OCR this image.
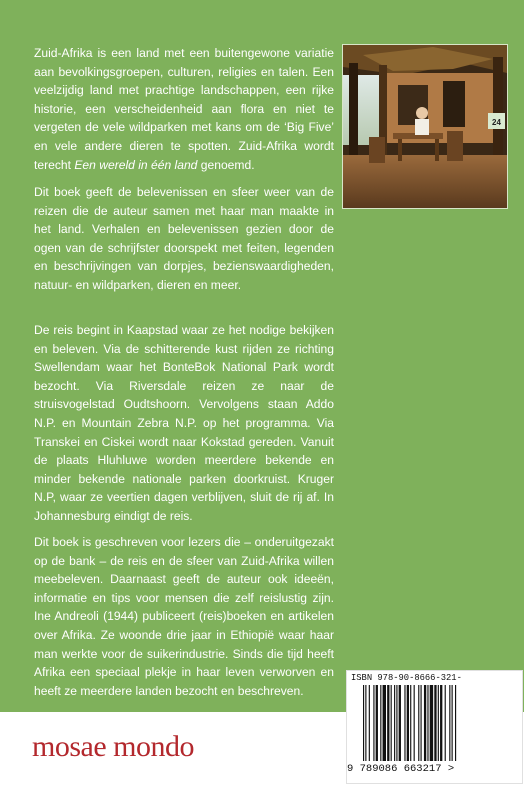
Zuid-Afrika is een land met een buitengewone variatie aan bevolkingsgroepen, culturen, religies en talen. Een veelzijdig land met prachtige landschappen, een rijke historie, een verscheidenheid aan flora en niet te vergeten de vele wildparken met kans om de ‘Big Five’ en vele andere dieren te spotten. Zuid-Afrika wordt terecht Een wereld in één land genoemd.

Dit boek geeft de belevenissen en sfeer weer van de reizen die de auteur samen met haar man maakte in het land. Verhalen en belevenissen gezien door de ogen van de schrijfster doorspekt met feiten, legenden en beschrijvingen van dorpjes, bezienswaardigheden, natuur- en wildparken, dieren en meer.

De reis begint in Kaapstad waar ze het nodige bekijken en beleven. Via de schitterende kust rijden ze richting Swellendam waar het BonteBok National Park wordt bezocht. Via Riversdale reizen ze naar de struisvogelstad Oudtshoorn. Vervolgens staan Addo N.P. en Mountain Zebra N.P. op het programma. Via Transkei en Ciskei wordt naar Kokstad gereden. Vanuit de plaats Hluhluwe worden meerdere bekende en minder bekende nationale parken doorkruist. Kruger N.P, waar ze veertien dagen verblijven, sluit de rij af. In Johannesburg eindigt de reis.

Dit boek is geschreven voor lezers die – onderuitgezakt op de bank – de reis en de sfeer van Zuid-Afrika willen meebeleven. Daarnaast geeft de auteur ook ideeën, informatie en tips voor mensen die zelf reislustig zijn. Ine Andreoli (1944) publiceert (reis)boeken en artikelen over Afrika. Ze woonde drie jaar in Ethiopië waar haar man werkte voor de suikerindustrie. Sinds die tijd heeft Afrika een speciaal plekje in haar leven verworven en heeft ze meerdere landen bezocht en beschreven.

24
ISBN 978-90-8666-321-
9 789086 663217 >
mosae mondo
